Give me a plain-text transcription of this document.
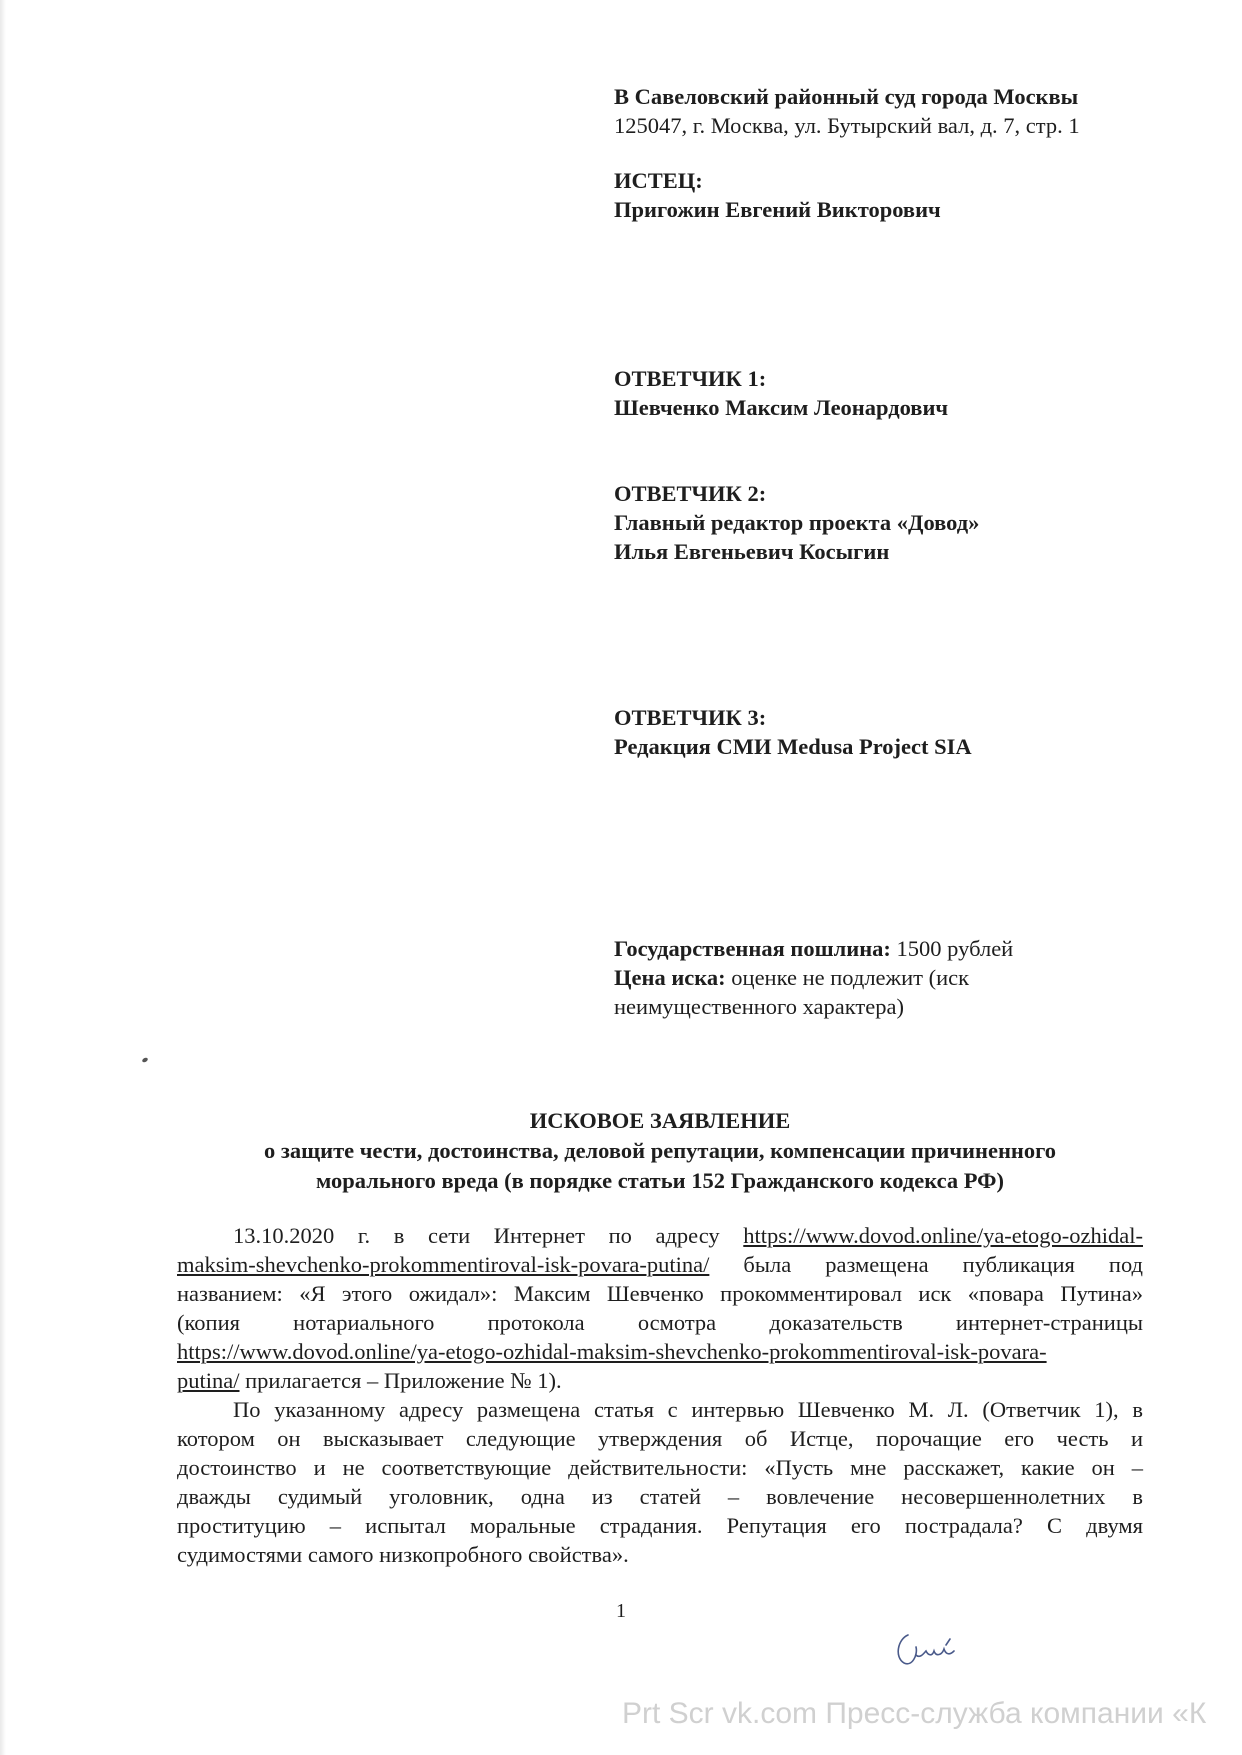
В Савеловский районный суд города Москвы
125047, г. Москва, ул. Бутырский вал, д. 7, стр. 1
ИСТЕЦ:
Пригожин Евгений Викторович
ОТВЕТЧИК 1:
Шевченко Максим Леонардович
ОТВЕТЧИК 2:
Главный редактор проекта «Довод»
Илья Евгеньевич Косыгин
ОТВЕТЧИК 3:
Редакция СМИ Medusa Project SIA
Государственная пошлина: 1500 рублей
Цена иска: оценке не подлежит (иск
неимущественного характера)
ИСКОВОЕ ЗАЯВЛЕНИЕ
о защите чести, достоинства, деловой репутации, компенсации причиненного
морального вреда (в порядке статьи 152 Гражданского кодекса РФ)
13.10.2020 г. в сети Интернет по адресу https://www.dovod.online/ya-etogo-ozhidal-
maksim-shevchenko-prokommentiroval-isk-povara-putina/ была размещена публикация под
названием: «Я этого ожидал»: Максим Шевченко прокомментировал иск «повара Путина»
(копия нотариального протокола осмотра доказательств интернет-страницы
https://www.dovod.online/ya-etogo-ozhidal-maksim-shevchenko-prokommentiroval-isk-povara-
putina/ прилагается – Приложение № 1).
По указанному адресу размещена статья с интервью Шевченко М. Л. (Ответчик 1), в
котором он высказывает следующие утверждения об Истце, порочащие его честь и
достоинство и не соответствующие действительности: «Пусть мне расскажет, какие он –
дважды судимый уголовник, одна из статей – вовлечение несовершеннолетних в
проституцию – испытал моральные страдания. Репутация его пострадала? С двумя
судимостями самого низкопробного свойства».
1
Prt Scr vk.com Пресс-служба компании «К
